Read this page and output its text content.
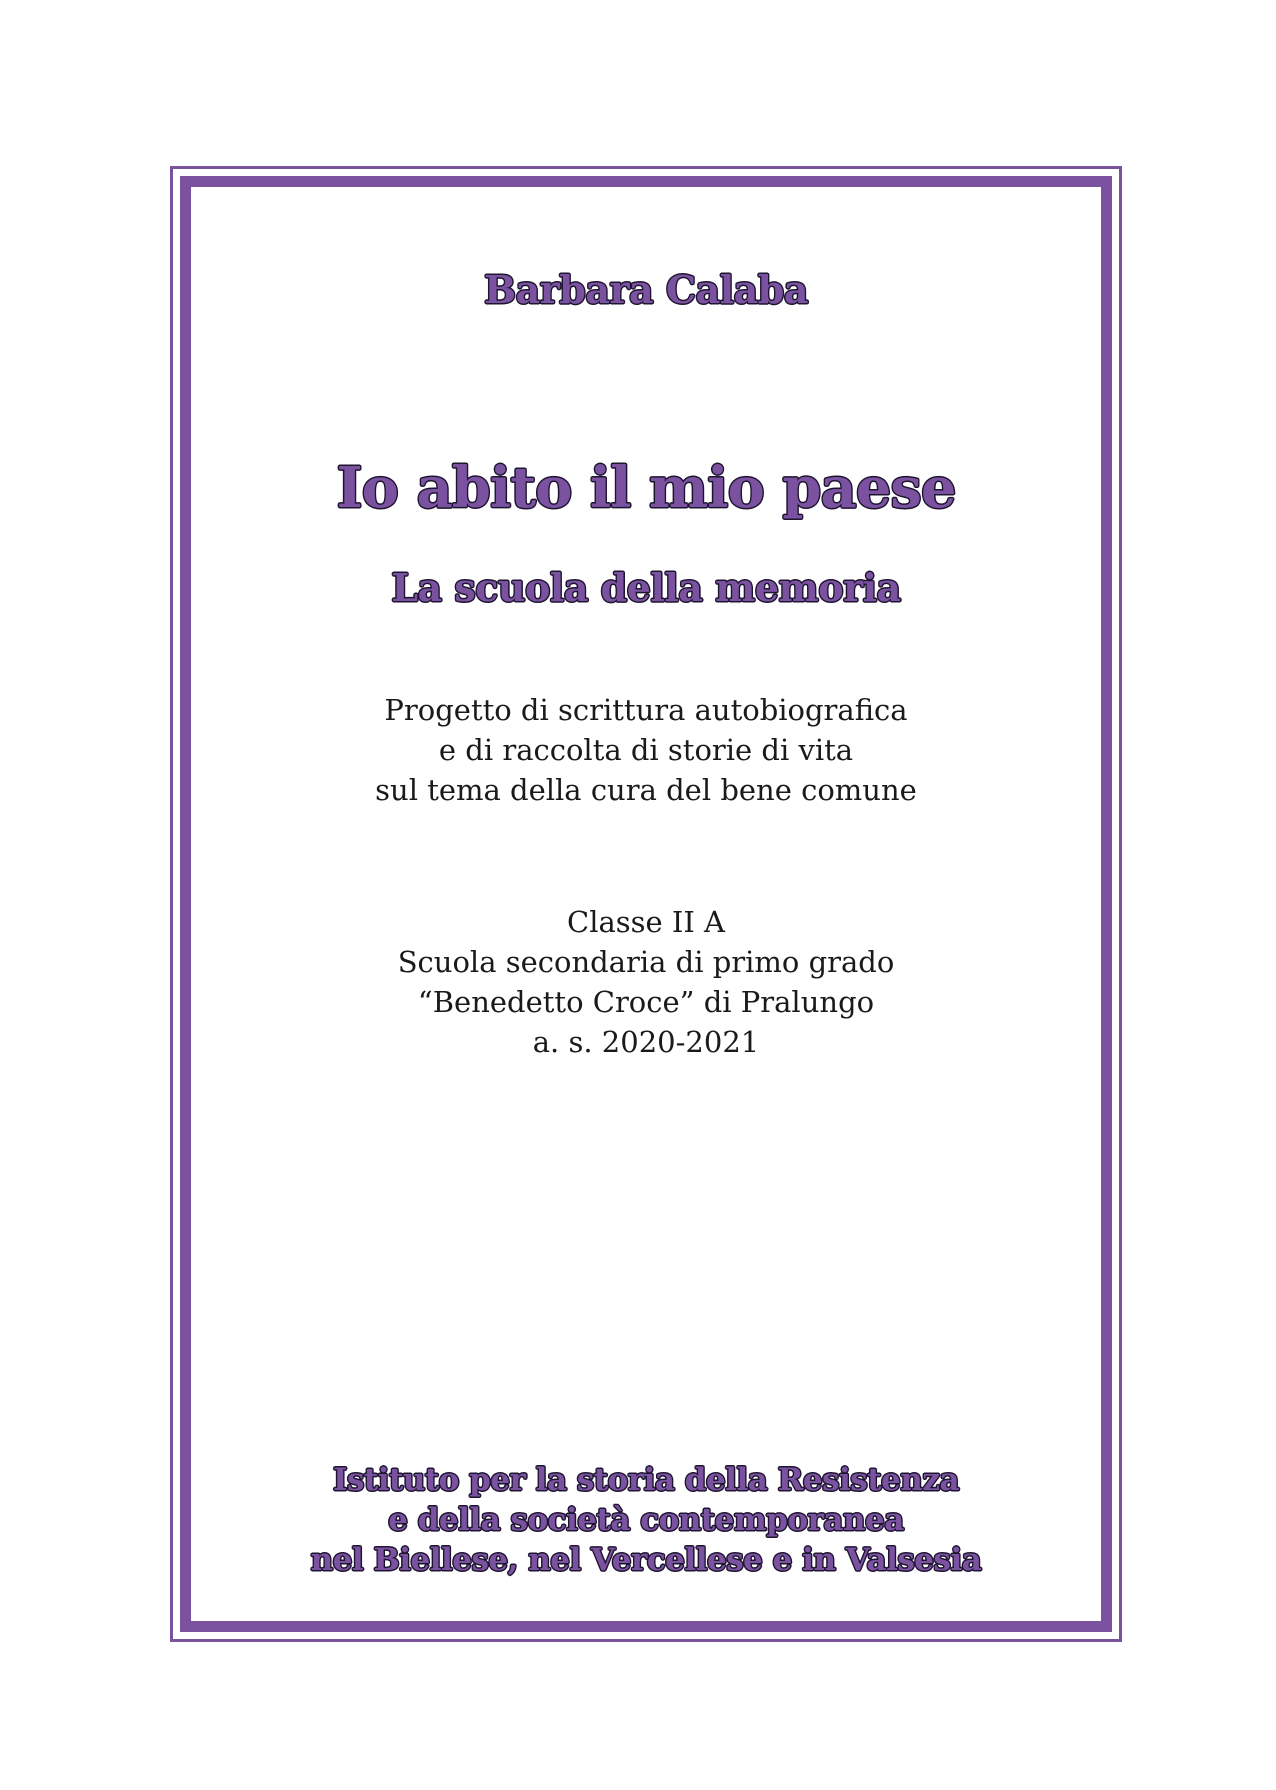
Barbara Calaba
Io abito il mio paese
La scuola della memoria
Progetto di scrittura autobiografica
e di raccolta di storie di vita
sul tema della cura del bene comune
Classe II A
Scuola secondaria di primo grado
“Benedetto Croce” di Pralungo
a. s. 2020-2021
Istituto per la storia della Resistenza
e della società contemporanea
nel Biellese, nel Vercellese e in Valsesia
